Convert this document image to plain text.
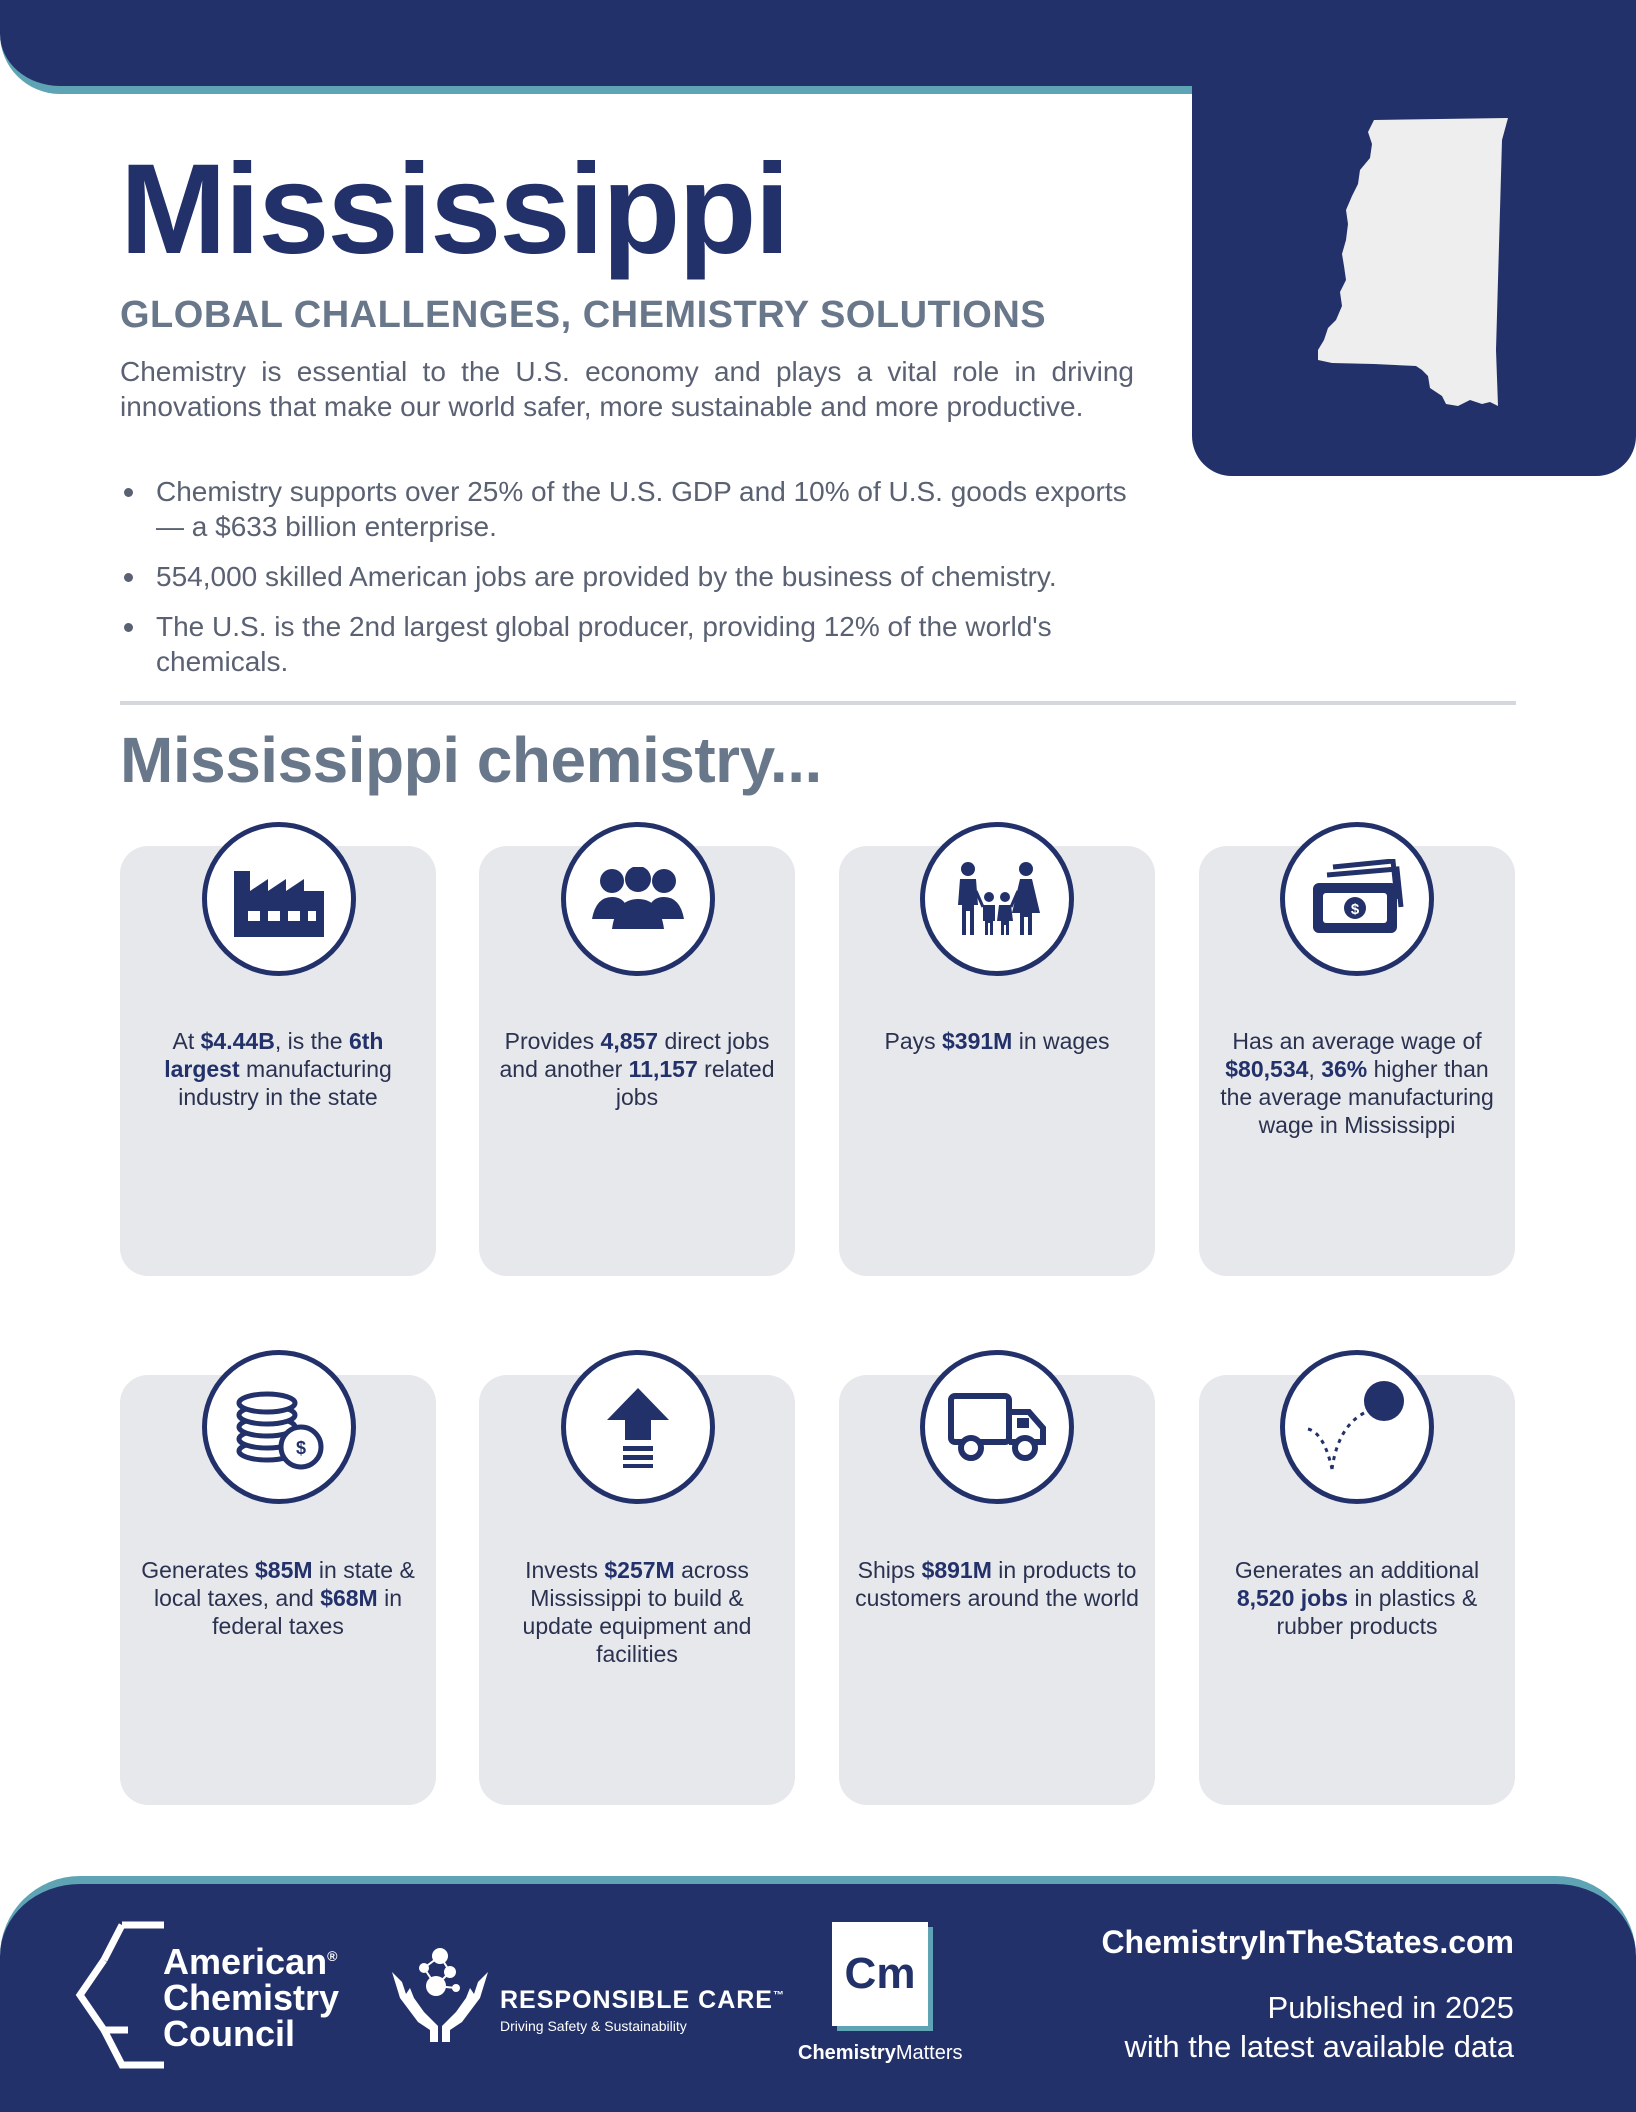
Mississippi
GLOBAL CHALLENGES, CHEMISTRY SOLUTIONS

Chemistry is essential to the U.S. economy and plays a vital role in driving innovations that make our world safer, more sustainable and more productive.

Chemistry supports over 25% of the U.S. GDP and 10% of U.S. goods exports — a $633 billion enterprise.
554,000 skilled American jobs are provided by the business of chemistry.
The U.S. is the 2nd largest global producer, providing 12% of the world's chemicals.
Mississippi chemistry...
At $4.44B, is the 6th largest manufacturing industry in the state
Provides 4,857 direct jobs and another 11,157 related jobs
Pays $391M in wages
$
Has an average wage of $80,534, 36% higher than the average manufacturing wage in Mississippi
$
Generates $85M in state & local taxes, and $68M in federal taxes
Invests $257M across Mississippi to build & update equipment and facilities
Ships $891M in products to customers around the world
Generates an additional 8,520 jobs in plastics & rubber products
American®
Chemistry
Council
RESPONSIBLE CARE™
Driving Safety & Sustainability
Cm
ChemistryMatters
ChemistryInTheStates.com
Published in 2025
with the latest available data
